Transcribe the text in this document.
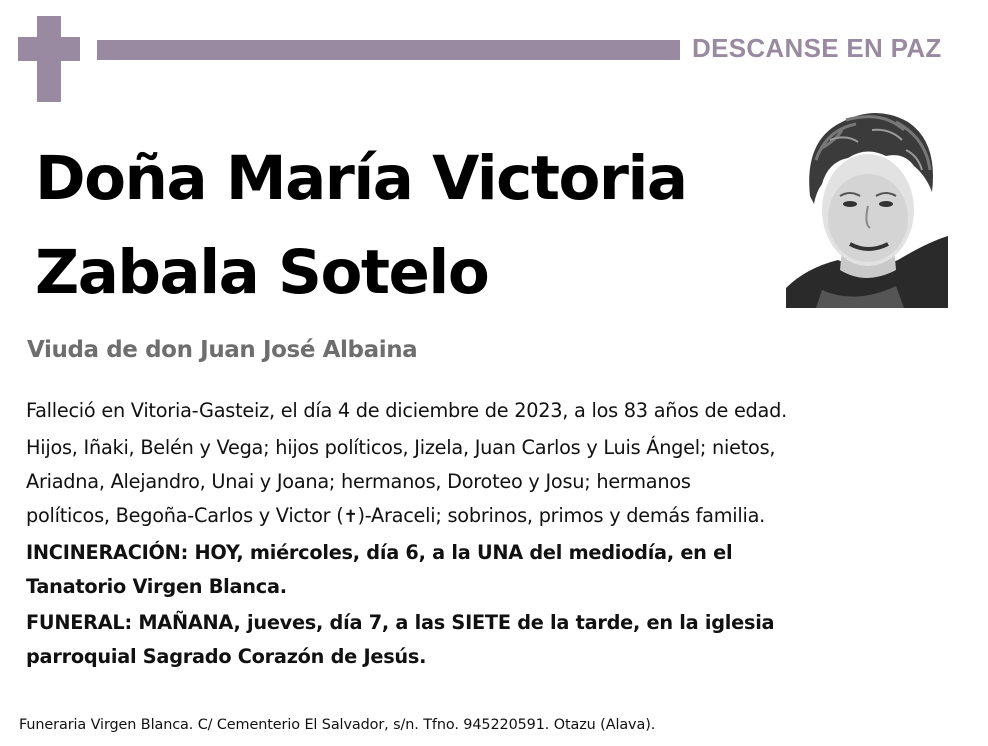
DESCANSE EN PAZ
Doña María Victoria
Zabala Sotelo
Viuda de don Juan José Albaina

Falleció en Vitoria-Gasteiz, el día 4 de diciembre de 2023, a los 83 años de edad.

Hijos, Iñaki, Belén y Vega; hijos políticos, Jizela, Juan Carlos y Luis Ángel; nietos,
Ariadna, Alejandro, Unai y Joana; hermanos, Doroteo y Josu; hermanos
políticos, Begoña-Carlos y Victor (✝)-Araceli; sobrinos, primos y demás familia.

INCINERACIÓN: HOY, miércoles, día 6, a la UNA del mediodía, en el
Tanatorio Virgen Blanca.

FUNERAL: MAÑANA, jueves, día 7, a las SIETE de la tarde, en la iglesia
parroquial Sagrado Corazón de Jesús.

Funeraria Virgen Blanca. C/ Cementerio El Salvador, s/n. Tfno. 945220591. Otazu (Alava).
